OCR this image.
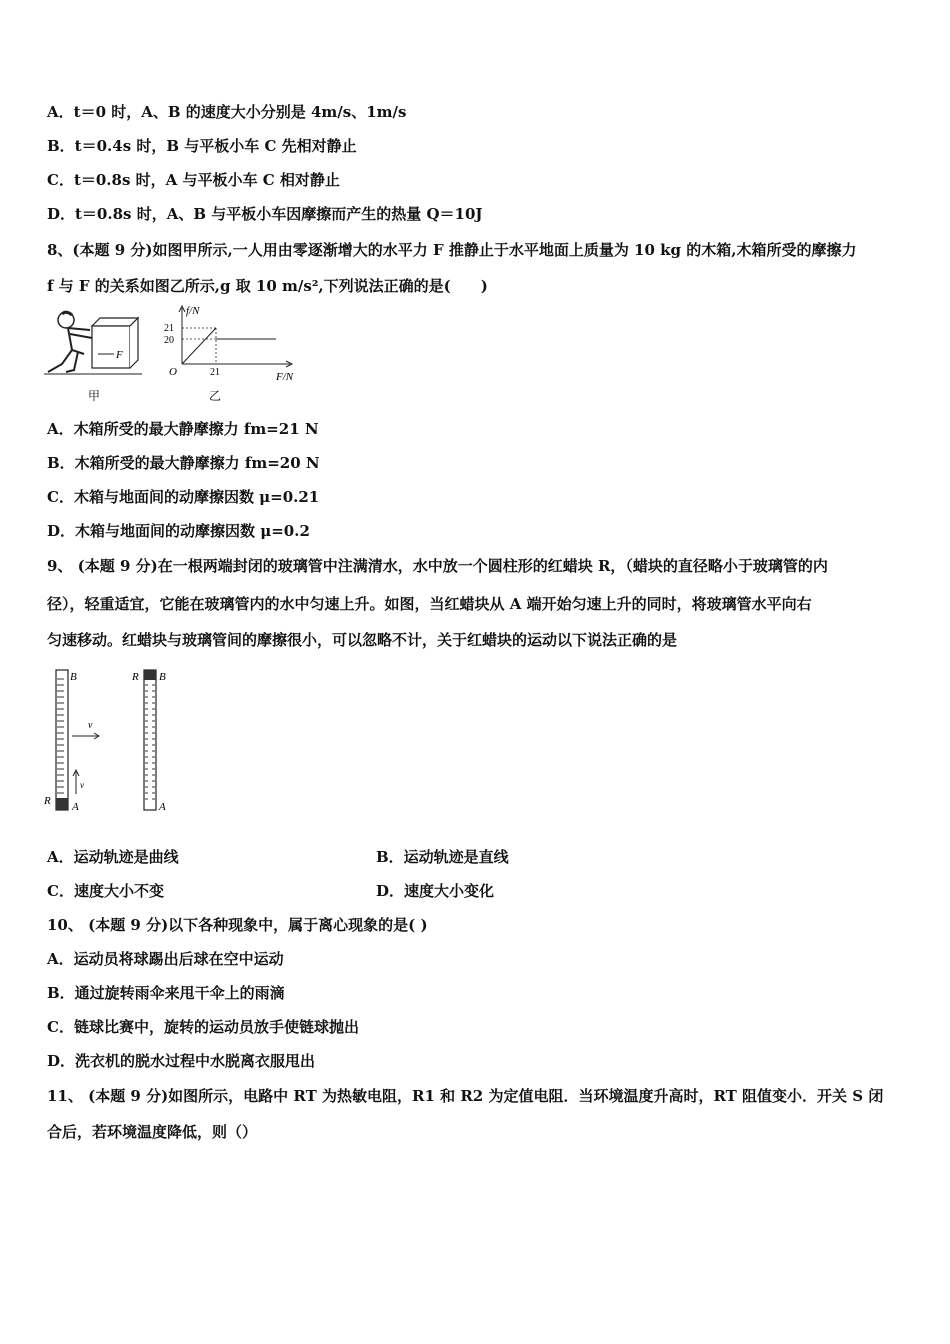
A．t＝0 时，A、B 的速度大小分别是 4m/s、1m/s
B．t＝0.4s 时，B 与平板小车 C 先相对静止
C．t＝0.8s 时，A 与平板小车 C 相对静止
D．t＝0.8s 时，A、B 与平板小车因摩擦而产生的热量 Q＝10J
8、(本题 9 分)如图甲所示,一人用由零逐渐增大的水平力 F 推静止于水平地面上质量为 10 kg 的木箱,木箱所受的摩擦力
f 与 F 的关系如图乙所示,g 取 10 m/s²,下列说法正确的是(　　)
F
甲
f/N
21
20
O	21	F/N
乙
A．木箱所受的最大静摩擦力 fm=21 N
B．木箱所受的最大静摩擦力 fm=20 N
C．木箱与地面间的动摩擦因数 μ=0.21
D．木箱与地面间的动摩擦因数 μ=0.2
9、 (本题 9 分)在一根两端封闭的玻璃管中注满清水，水中放一个圆柱形的红蜡块 R，（蜡块的直径略小于玻璃管的内
径），轻重适宜，它能在玻璃管内的水中匀速上升。如图，当红蜡块从 A 端开始匀速上升的同时，将玻璃管水平向右
匀速移动。红蜡块与玻璃管间的摩擦很小，可以忽略不计，关于红蜡块的运动以下说法正确的是
B
R A
v
v
R B
A
A．运动轨迹是曲线	B．运动轨迹是直线
C．速度大小不变	D．速度大小变化
10、 (本题 9 分)以下各种现象中，属于离心现象的是( )
A．运动员将球踢出后球在空中运动
B．通过旋转雨伞来甩干伞上的雨滴
C．链球比赛中，旋转的运动员放手使链球抛出
D．洗衣机的脱水过程中水脱离衣服甩出
11、 (本题 9 分)如图所示，电路中 RT 为热敏电阻，R1 和 R2 为定值电阻．当环境温度升高时，RT 阻值变小．开关 S 闭
合后，若环境温度降低，则（）
